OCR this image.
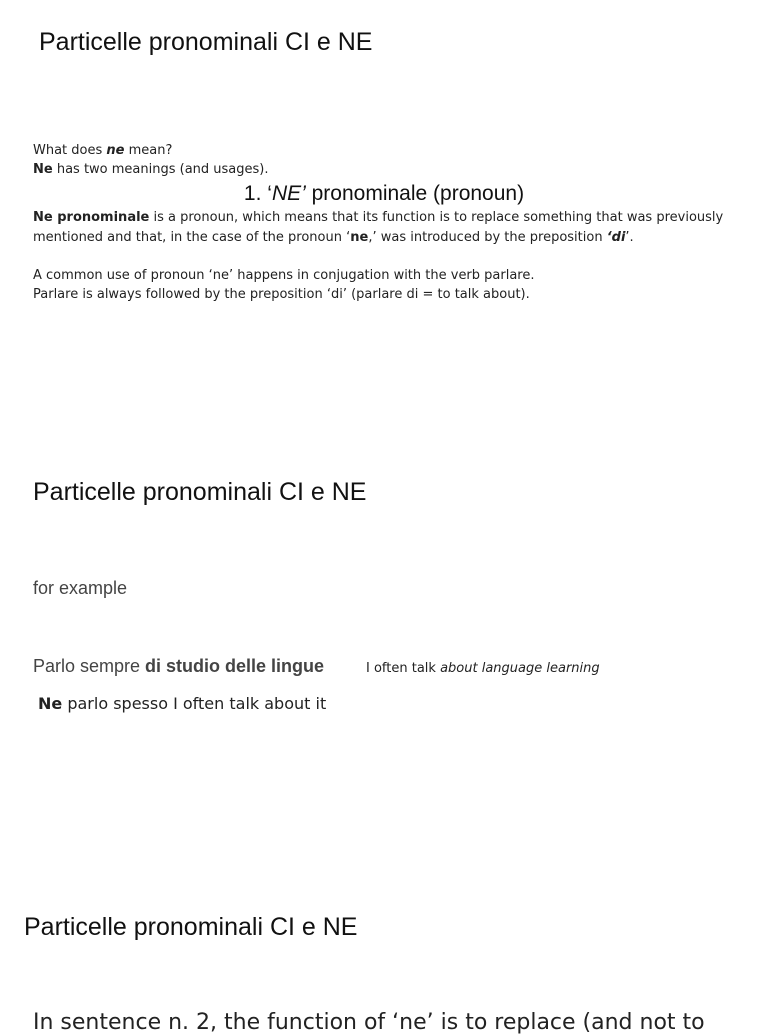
Particelle pronominali CI e NE
What does ne mean?
Ne has two meanings (and usages).
1. ‘NE’ pronominale (pronoun)
Ne pronominale is a pronoun, which means that its function is to replace something that was previously mentioned and that, in the case of the pronoun ‘ne,’ was introduced by the preposition ‘di’.
A common use of pronoun ‘ne’ happens in conjugation with the verb parlare.
Parlare is always followed by the preposition ‘di’ (parlare di = to talk about).
Particelle pronominali CI e NE
for example
Parlo sempre di studio delle lingue	I often talk about language learning
Ne parlo spesso I often talk about it
Particelle pronominali CI e NE
In sentence n. 2, the function of ‘ne’ is to replace (and not to
